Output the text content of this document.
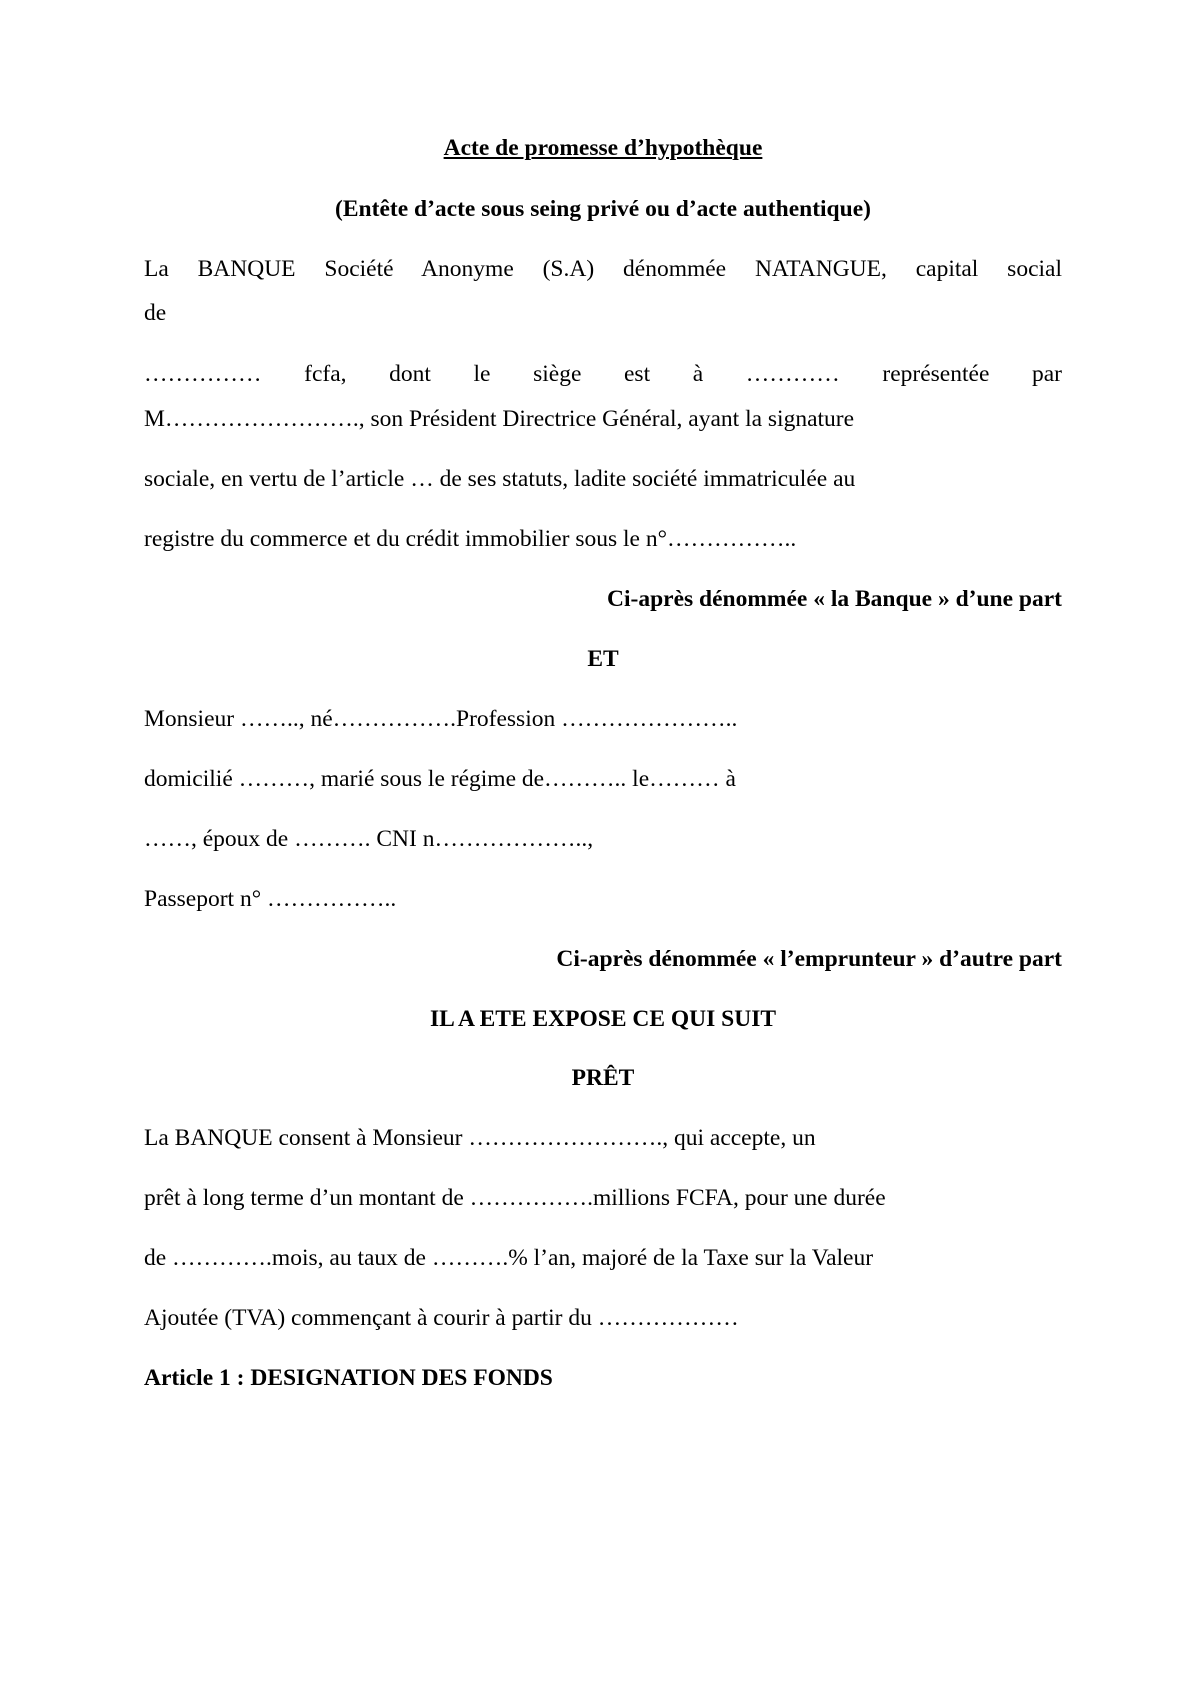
Acte de promesse d’hypothèque
(Entête d’acte sous seing privé ou d’acte authentique)
La BANQUE Société Anonyme (S.A) dénommée NATANGUE, capital social
de
…………… fcfa, dont le siège est à ………… représentée par
M……………………., son Président Directrice Général, ayant la signature
sociale, en vertu de l’article … de ses statuts, ladite société immatriculée au
registre du commerce et du crédit immobilier sous le n°……………..
Ci-après dénommée « la Banque » d’une part
ET
Monsieur …….., né…………….Profession …………………..
domicilié ………, marié sous le régime de……….. le……… à
……, époux de ………. CNI n………………..,
Passeport n° ……………..
Ci-après dénommée « l’emprunteur » d’autre part
IL A ETE EXPOSE CE QUI SUIT
PRÊT
La BANQUE consent à Monsieur ……………………., qui accepte, un
prêt à long terme d’un montant de …………….millions FCFA, pour une durée
de ………….mois, au taux de ……….% l’an, majoré de la Taxe sur la Valeur
Ajoutée (TVA) commençant à courir à partir du ………………
Article 1 : DESIGNATION DES FONDS
